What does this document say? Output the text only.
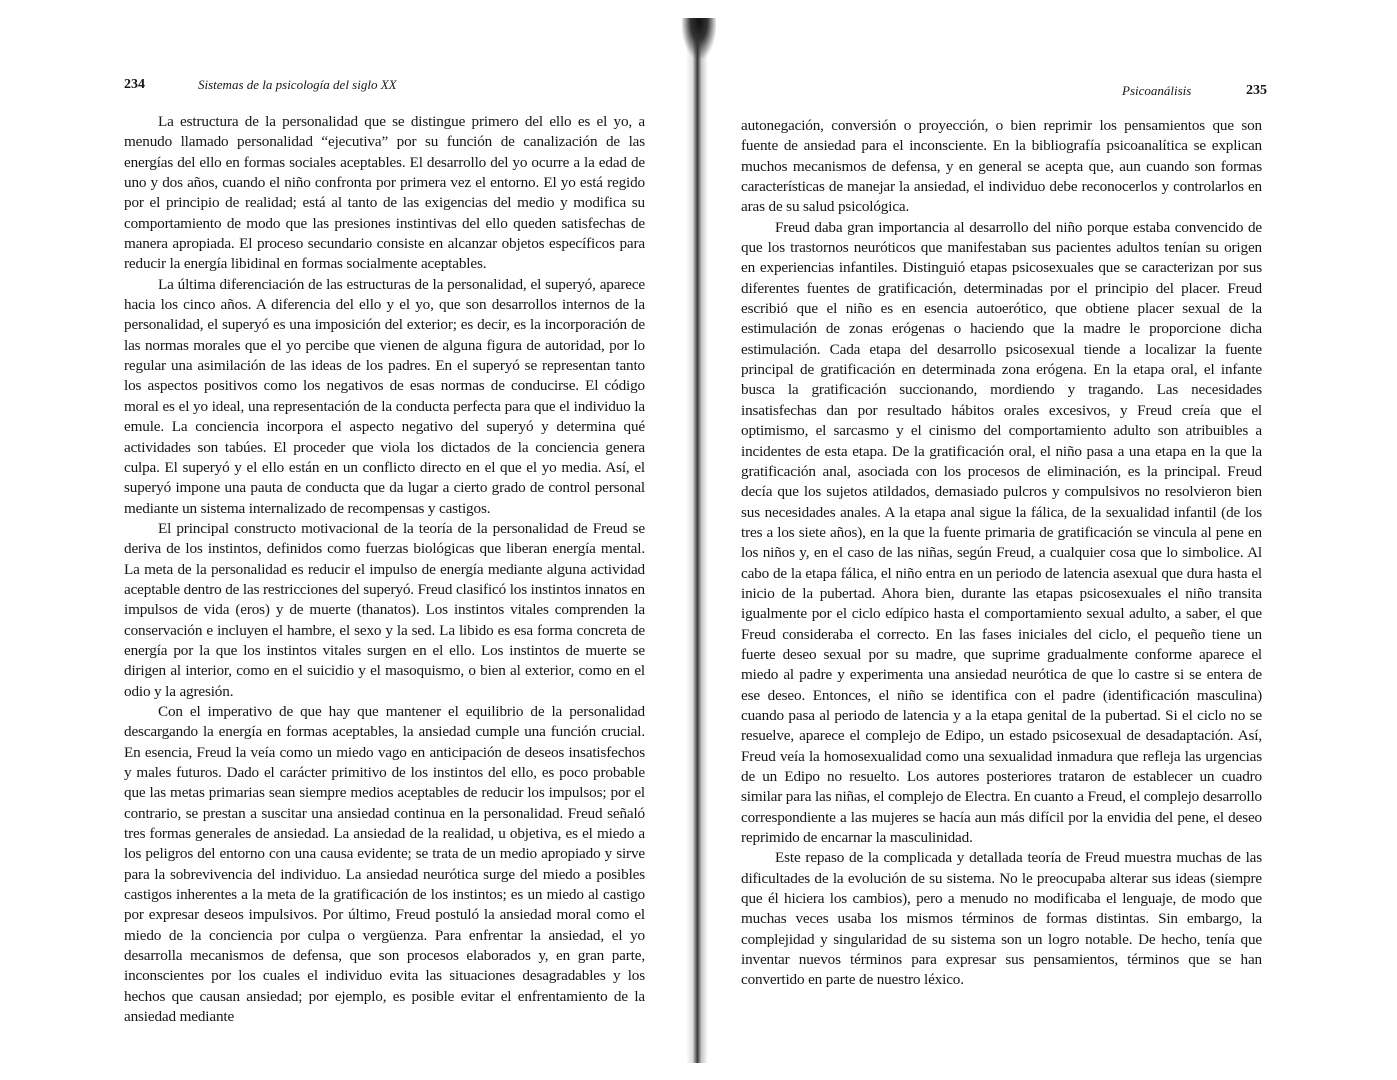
234	Sistemas de la psicología del siglo XX

La estructura de la personalidad que se distingue primero del ello es el yo, a menudo llamado personalidad “ejecutiva” por su función de canalización de las energías del ello en formas sociales aceptables. El desarrollo del yo ocurre a la edad de uno y dos años, cuando el niño confronta por primera vez el entorno. El yo está regido por el principio de realidad; está al tanto de las exigencias del medio y modifica su comportamiento de modo que las presiones instintivas del ello queden satisfechas de manera apropiada. El proceso secundario consiste en alcanzar objetos específicos para reducir la energía libidinal en formas socialmente aceptables.

La última diferenciación de las estructuras de la personalidad, el superyó, aparece hacia los cinco años. A diferencia del ello y el yo, que son desarrollos internos de la personalidad, el superyó es una imposición del exterior; es decir, es la incorporación de las normas morales que el yo percibe que vienen de alguna figura de autoridad, por lo regular una asimilación de las ideas de los padres. En el superyó se representan tanto los aspectos positivos como los negativos de esas normas de conducirse. El código moral es el yo ideal, una representación de la conducta perfecta para que el individuo la emule. La conciencia incorpora el aspecto negativo del superyó y determina qué actividades son tabúes. El proceder que viola los dictados de la conciencia genera culpa. El superyó y el ello están en un conflicto directo en el que el yo media. Así, el superyó impone una pauta de conducta que da lugar a cierto grado de control personal mediante un sistema internalizado de recompensas y castigos.

El principal constructo motivacional de la teoría de la personalidad de Freud se deriva de los instintos, definidos como fuerzas biológicas que liberan energía mental. La meta de la personalidad es reducir el impulso de energía mediante alguna actividad aceptable dentro de las restricciones del superyó. Freud clasificó los instintos innatos en impulsos de vida (eros) y de muerte (thanatos). Los instintos vitales comprenden la conservación e incluyen el hambre, el sexo y la sed. La libido es esa forma concreta de energía por la que los instintos vitales surgen en el ello. Los instintos de muerte se dirigen al interior, como en el suicidio y el masoquismo, o bien al exterior, como en el odio y la agresión.

Con el imperativo de que hay que mantener el equilibrio de la personalidad descargando la energía en formas aceptables, la ansiedad cumple una función crucial. En esencia, Freud la veía como un miedo vago en anticipación de deseos insatisfechos y males futuros. Dado el carácter primitivo de los instintos del ello, es poco probable que las metas primarias sean siempre medios aceptables de reducir los impulsos; por el contrario, se prestan a suscitar una ansiedad continua en la personalidad. Freud señaló tres formas generales de ansiedad. La ansiedad de la realidad, u objetiva, es el miedo a los peligros del entorno con una causa evidente; se trata de un medio apropiado y sirve para la sobrevivencia del individuo. La ansiedad neurótica surge del miedo a posibles castigos inherentes a la meta de la gratificación de los instintos; es un miedo al castigo por expresar deseos impulsivos. Por último, Freud postuló la ansiedad moral como el miedo de la conciencia por culpa o vergüenza. Para enfrentar la ansiedad, el yo desarrolla mecanismos de defensa, que son procesos elaborados y, en gran parte, inconscientes por los cuales el individuo evita las situaciones desagradables y los hechos que causan ansiedad; por ejemplo, es posible evitar el enfrentamiento de la ansiedad mediante

Psicoanálisis	235

autonegación, conversión o proyección, o bien reprimir los pensamientos que son fuente de ansiedad para el inconsciente. En la bibliografía psicoanalítica se explican muchos mecanismos de defensa, y en general se acepta que, aun cuando son formas características de manejar la ansiedad, el individuo debe reconocerlos y controlarlos en aras de su salud psicológica.

Freud daba gran importancia al desarrollo del niño porque estaba convencido de que los trastornos neuróticos que manifestaban sus pacientes adultos tenían su origen en experiencias infantiles. Distinguió etapas psicosexuales que se caracterizan por sus diferentes fuentes de gratificación, determinadas por el principio del placer. Freud escribió que el niño es en esencia autoerótico, que obtiene placer sexual de la estimulación de zonas erógenas o haciendo que la madre le proporcione dicha estimulación. Cada etapa del desarrollo psicosexual tiende a localizar la fuente principal de gratificación en determinada zona erógena. En la etapa oral, el infante busca la gratificación succionando, mordiendo y tragando. Las necesidades insatisfechas dan por resultado hábitos orales excesivos, y Freud creía que el optimismo, el sarcasmo y el cinismo del comportamiento adulto son atribuibles a incidentes de esta etapa. De la gratificación oral, el niño pasa a una etapa en la que la gratificación anal, asociada con los procesos de eliminación, es la principal. Freud decía que los sujetos atildados, demasiado pulcros y compulsivos no resolvieron bien sus necesidades anales. A la etapa anal sigue la fálica, de la sexualidad infantil (de los tres a los siete años), en la que la fuente primaria de gratificación se vincula al pene en los niños y, en el caso de las niñas, según Freud, a cualquier cosa que lo simbolice. Al cabo de la etapa fálica, el niño entra en un periodo de latencia asexual que dura hasta el inicio de la pubertad. Ahora bien, durante las etapas psicosexuales el niño transita igualmente por el ciclo edípico hasta el comportamiento sexual adulto, a saber, el que Freud consideraba el correcto. En las fases iniciales del ciclo, el pequeño tiene un fuerte deseo sexual por su madre, que suprime gradualmente conforme aparece el miedo al padre y experimenta una ansiedad neurótica de que lo castre si se entera de ese deseo. Entonces, el niño se identifica con el padre (identificación masculina) cuando pasa al periodo de latencia y a la etapa genital de la pubertad. Si el ciclo no se resuelve, aparece el complejo de Edipo, un estado psicosexual de desadaptación. Así, Freud veía la homosexualidad como una sexualidad inmadura que refleja las urgencias de un Edipo no resuelto. Los autores posteriores trataron de establecer un cuadro similar para las niñas, el complejo de Electra. En cuanto a Freud, el complejo desarrollo correspondiente a las mujeres se hacía aun más difícil por la envidia del pene, el deseo reprimido de encarnar la masculinidad.

Este repaso de la complicada y detallada teoría de Freud muestra muchas de las dificultades de la evolución de su sistema. No le preocupaba alterar sus ideas (siempre que él hiciera los cambios), pero a menudo no modificaba el lenguaje, de modo que muchas veces usaba los mismos términos de formas distintas. Sin embargo, la complejidad y singularidad de su sistema son un logro notable. De hecho, tenía que inventar nuevos términos para expresar sus pensamientos, términos que se han convertido en parte de nuestro léxico.
